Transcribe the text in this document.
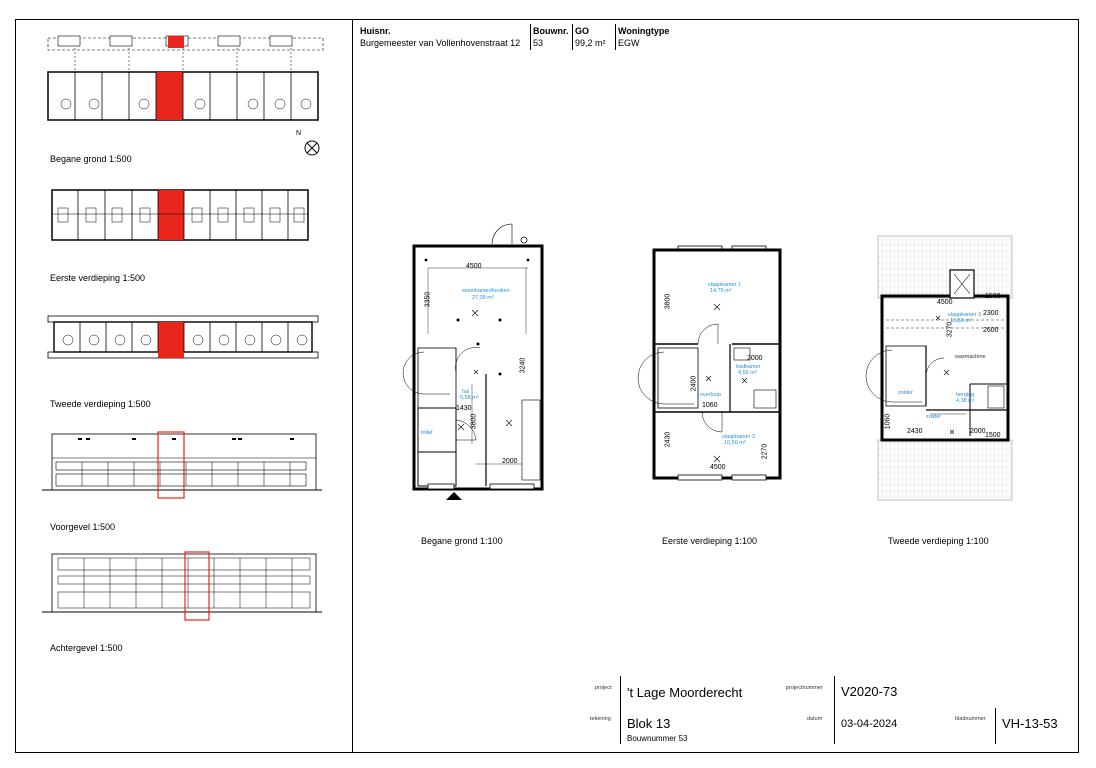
Huisnr.
Burgemeester van Vollenhovenstraat 12
Bouwnr.
53
GO
99,2 m²
Woningtype
EGW
N
Begane grond 1:500
Eerste verdieping 1:500
Tweede verdieping 1:500
Voorgevel 1:500
Achtergevel 1:500
4500
3350
3240
1430
3800
2000
woonkamer/keuken
27,05 m²
hal
5,58 m²
toilet
Begane grond 1:100
3800
2000
2400
1060
2430
2270
4500
slaapkamer 1
14,76 m²
badkamer
4,56 m²
overloop
slaapkamer 2
10,50 m²
Eerste verdieping 1:100
4500
1500
2300
3270	2600
2430	2000
1500
1060
slaapkamer 3
13,83 m²
zolder
zolder
berging
4,38 m²
wasmachine
Tweede verdieping 1:100
project 't Lage Moorderecht	projectnummer V2020-73
tekening Blok 13
Bouwnummer 53
datum 03-04-2024	bladnummer VH-13-53
